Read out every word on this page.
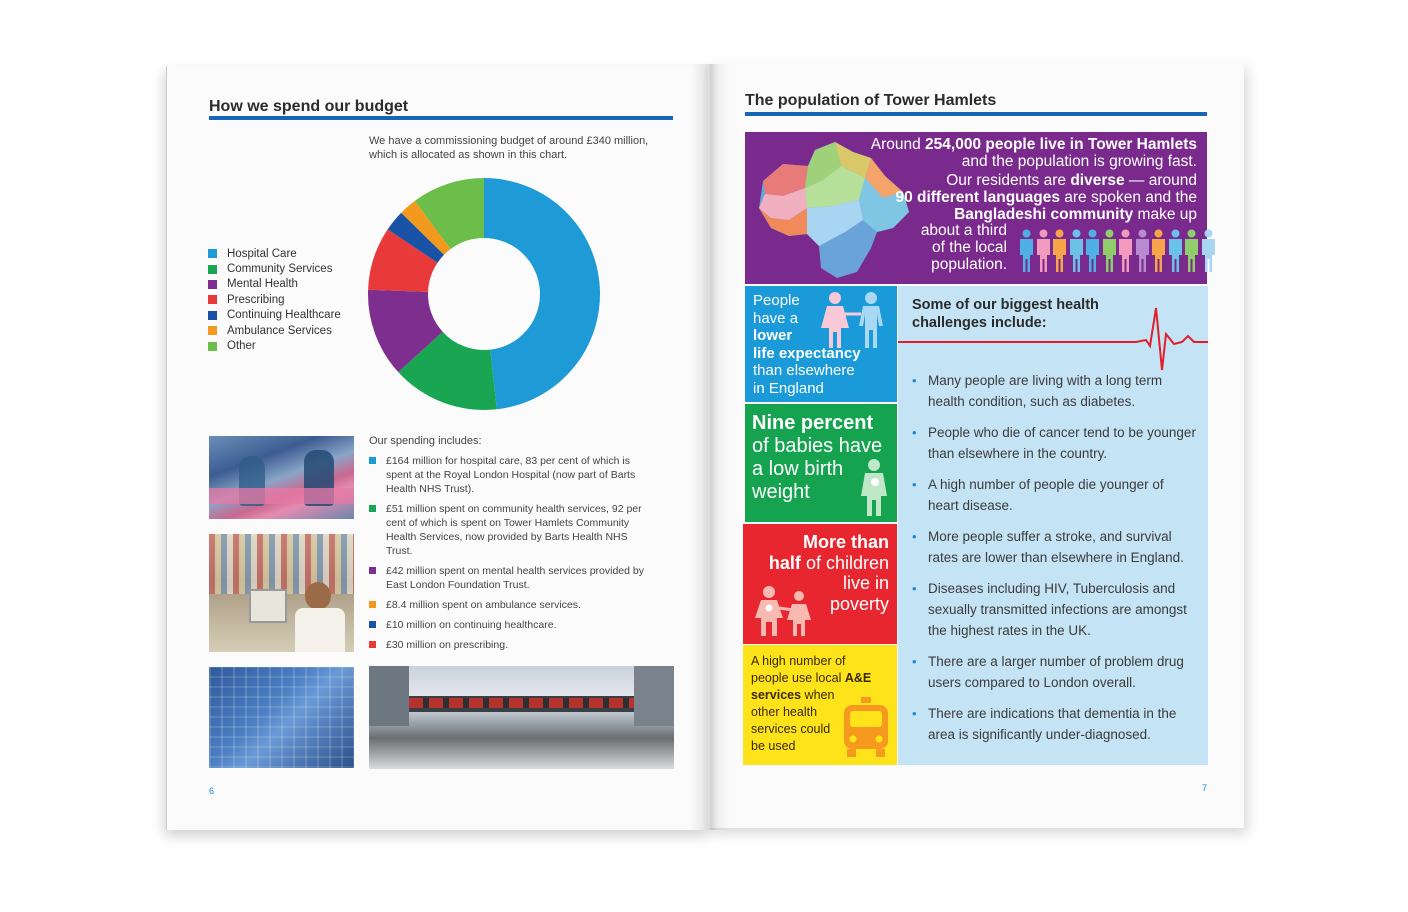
How we spend our budget
We have a commissioning budget of around £340 million, which is allocated as shown in this chart.
Hospital Care
Community Services
Mental Health
Prescribing
Continuing Healthcare
Ambulance Services
Other
Our spending includes:
£164 million for hospital care, 83 per cent of which is spent at the Royal London Hospital (now part of Barts Health NHS Trust).
£51 million spent on community health services, 92 per cent of which is spent on Tower Hamlets Community Health Services, now provided by Barts Health NHS Trust.
£42 million spent on mental health services provided by East London Foundation Trust.
£8.4 million spent on ambulance services.
£10 million on continuing healthcare.
£30 million on prescribing.
6
The population of Tower Hamlets
Around 254,000 people live in Tower Hamlets and the population is growing fast.

Our residents are diverse — around
90 different languages are spoken and the Bangladeshi community make up
about a third
of the local
population.
People
have a
lower
life expectancy
than elsewhere
in England
Nine percent
of babies have
a low birth
weight
More than
half of children
live in
poverty
A high number of
people use local A&E
services when
other health
services could
be used
Some of our biggest health challenges include:
• Many people are living with a long term health condition, such as diabetes.
• People who die of cancer tend to be younger than elsewhere in the country.
• A high number of people die younger of heart disease.
• More people suffer a stroke, and survival rates are lower than elsewhere in England.
• Diseases including HIV, Tuberculosis and sexually transmitted infections are amongst the highest rates in the UK.
• There are a larger number of problem drug users compared to London overall.
• There are indications that dementia in the area is significantly under-diagnosed.
7
